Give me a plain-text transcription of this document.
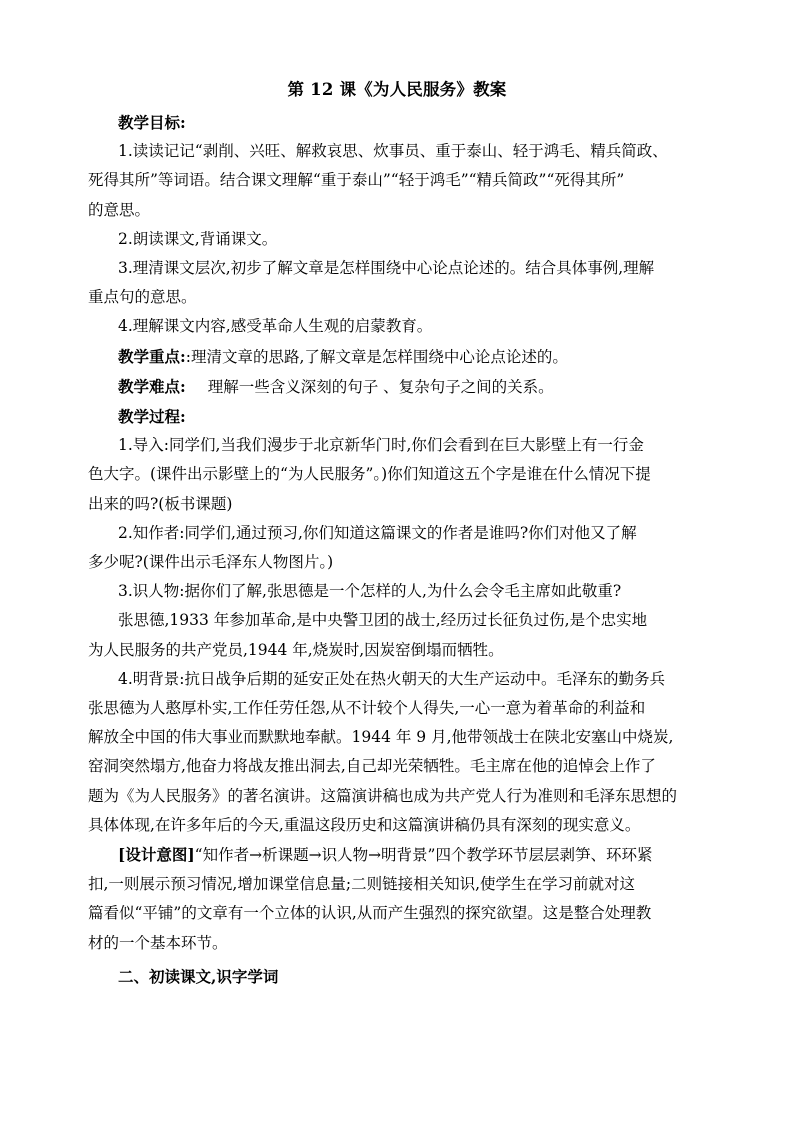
第 12 课《为人民服务》教案
教学目标:
1.读读记记“剥削、兴旺、解救哀思、炊事员、重于泰山、轻于鸿毛、精兵简政、
死得其所”等词语。结合课文理解“重于泰山”“轻于鸿毛”“精兵简政”“死得其所”
的意思。
2.朗读课文,背诵课文。
3.理清课文层次,初步了解文章是怎样围绕中心论点论述的。结合具体事例,理解
重点句的意思。
4.理解课文内容,感受革命人生观的启蒙教育。
教学重点::理清文章的思路,了解文章是怎样围绕中心论点论述的。
教学难点: 理解一些含义深刻的句子 、复杂句子之间的关系。
教学过程:
1.导入:同学们,当我们漫步于北京新华门时,你们会看到在巨大影壁上有一行金
色大字。(课件出示影壁上的“为人民服务”。)你们知道这五个字是谁在什么情况下提
出来的吗?(板书课题)
2.知作者:同学们,通过预习,你们知道这篇课文的作者是谁吗?你们对他又了解
多少呢?(课件出示毛泽东人物图片。)
3.识人物:据你们了解,张思德是一个怎样的人,为什么会令毛主席如此敬重?
张思德,1933 年参加革命,是中央警卫团的战士,经历过长征负过伤,是个忠实地
为人民服务的共产党员,1944 年,烧炭时,因炭窑倒塌而牺牲。
4.明背景:抗日战争后期的延安正处在热火朝天的大生产运动中。毛泽东的勤务兵
张思德为人憨厚朴实,工作任劳任怨,从不计较个人得失,一心一意为着革命的利益和
解放全中国的伟大事业而默默地奉献。1944 年 9 月,他带领战士在陕北安塞山中烧炭,
窑洞突然塌方,他奋力将战友推出洞去,自己却光荣牺牲。毛主席在他的追悼会上作了
题为《为人民服务》的著名演讲。这篇演讲稿也成为共产党人行为准则和毛泽东思想的
具体体现,在许多年后的今天,重温这段历史和这篇演讲稿仍具有深刻的现实意义。
[设计意图]“知作者→析课题→识人物→明背景”四个教学环节层层剥笋、环环紧
扣,一则展示预习情况,增加课堂信息量;二则链接相关知识,使学生在学习前就对这
篇看似“平铺”的文章有一个立体的认识,从而产生强烈的探究欲望。这是整合处理教
材的一个基本环节。
二、初读课文,识字学词
